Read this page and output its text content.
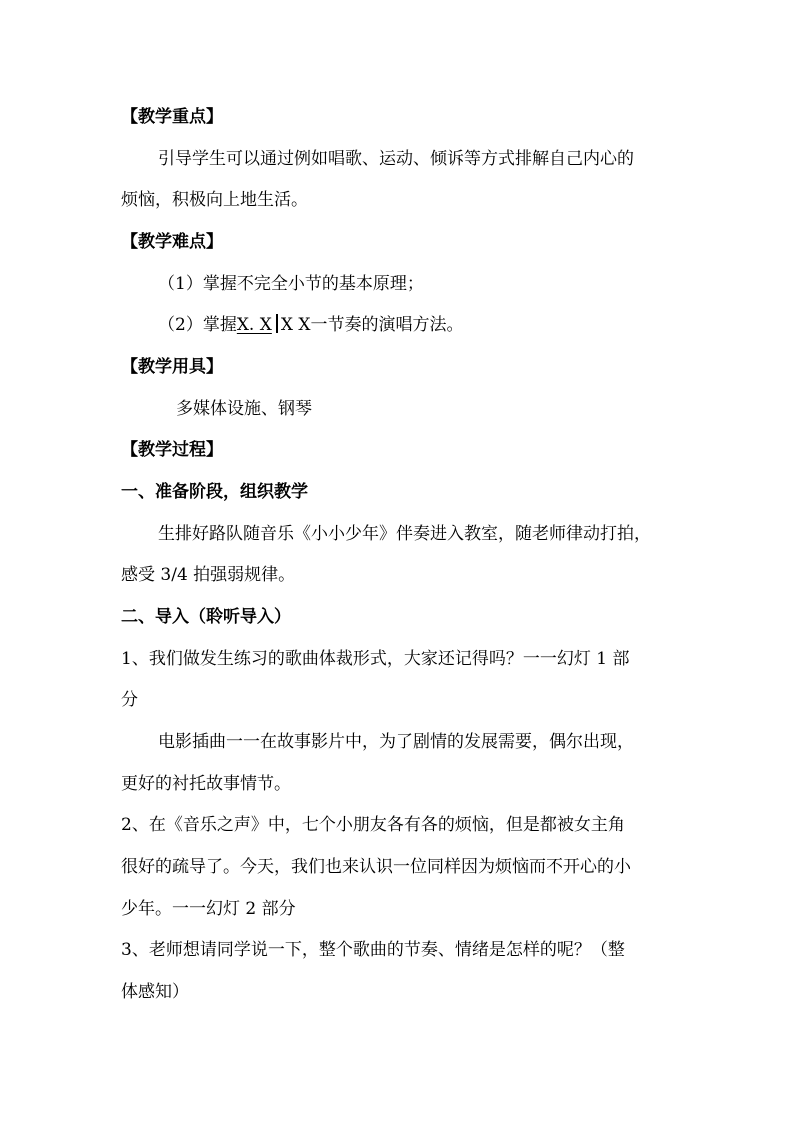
【教学重点】
引导学生可以通过例如唱歌、运动、倾诉等方式排解自己内心的
烦恼，积极向上地生活。
【教学难点】
（1）掌握不完全小节的基本原理；
（2）掌握X. X X X一节奏的演唱方法。
【教学用具】
多媒体设施、钢琴
【教学过程】
一、准备阶段，组织教学
生排好路队随音乐《小小少年》伴奏进入教室，随老师律动打拍，
感受 3/4 拍强弱规律。
二、导入（聆听导入）
1、我们做发生练习的歌曲体裁形式，大家还记得吗？一一幻灯 1 部
分
电影插曲一一在故事影片中，为了剧情的发展需要，偶尔出现，
更好的衬托故事情节。
2、在《音乐之声》中，七个小朋友各有各的烦恼，但是都被女主角
很好的疏导了。今天，我们也来认识一位同样因为烦恼而不开心的小
少年。一一幻灯 2 部分
3、老师想请同学说一下，整个歌曲的节奏、情绪是怎样的呢？（整
体感知）
